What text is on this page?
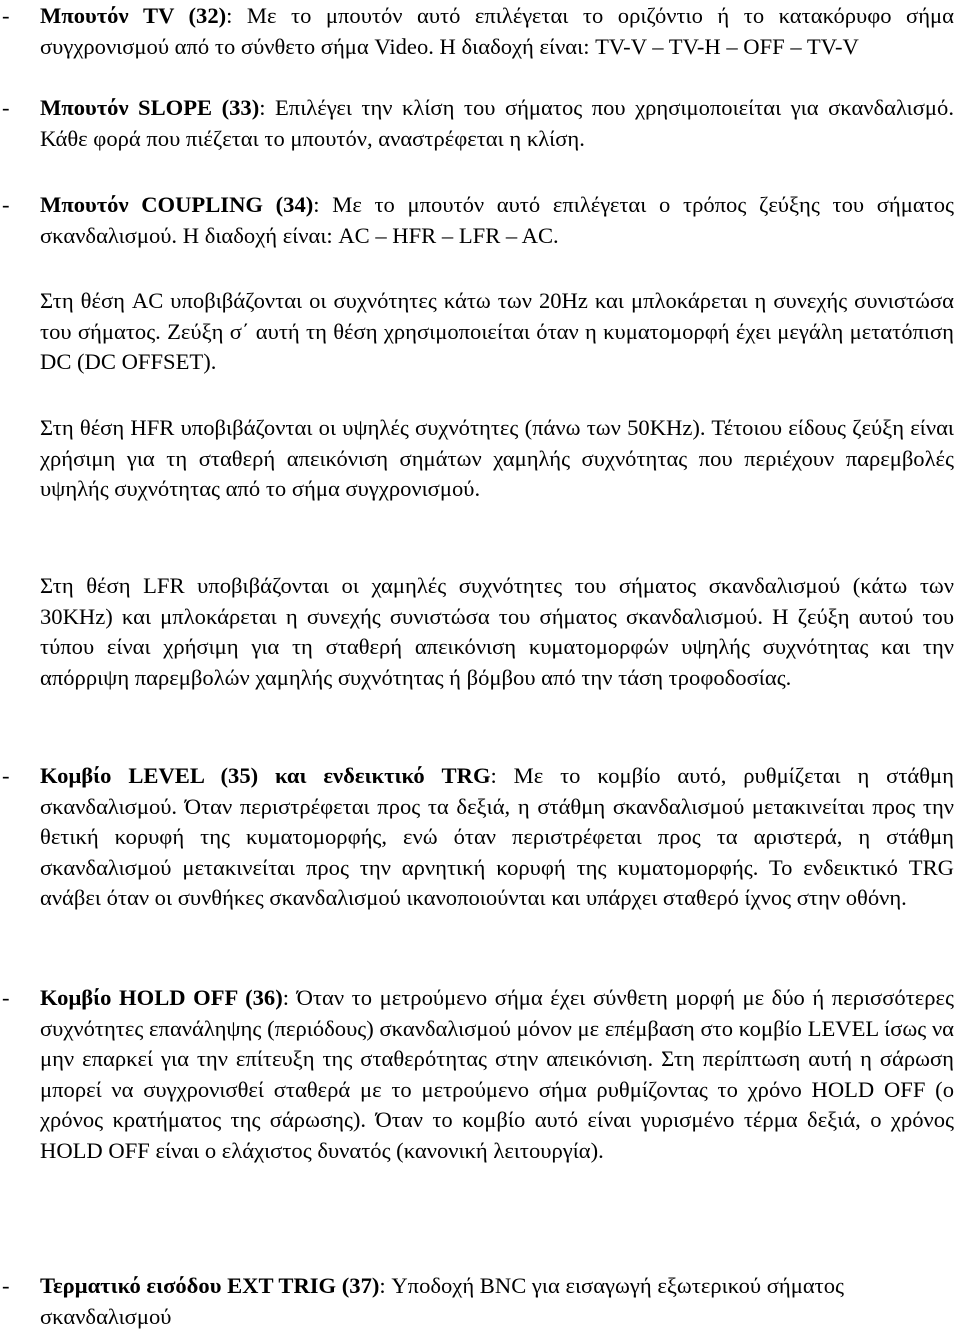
-	Μπουτόν TV (32): Με το μπουτόν αυτό επιλέγεται το οριζόντιο ή το κατακόρυφο σήμα συγχρονισμού από το σύνθετο σήμα Video. Η διαδοχή είναι: TV-V – TV-H – OFF – TV-V
-	Μπουτόν SLOPE (33): Επιλέγει την κλίση του σήματος που χρησιμοποιείται για σκανδαλισμό. Κάθε φορά που πιέζεται το μπουτόν, αναστρέφεται η κλίση.
-	Μπουτόν COUPLING (34): Με το μπουτόν αυτό επιλέγεται ο τρόπος ζεύξης του σήματος σκανδαλισμού. Η διαδοχή είναι: AC – HFR – LFR – AC.

Στη θέση AC υποβιβάζονται οι συχνότητες κάτω των 20Hz και μπλοκάρεται η συνεχής συνιστώσα του σήματος. Ζεύξη σ΄ αυτή τη θέση χρησιμοποιείται όταν η κυματομορφή έχει μεγάλη μετατόπιση DC (DC OFFSET).

Στη θέση HFR υποβιβάζονται οι υψηλές συχνότητες (πάνω των 50KHz). Τέτοιου είδους ζεύξη είναι χρήσιμη για τη σταθερή απεικόνιση σημάτων χαμηλής συχνότητας που περιέχουν παρεμβολές υψηλής συχνότητας από το σήμα συγχρονισμού.

Στη θέση LFR υποβιβάζονται οι χαμηλές συχνότητες του σήματος σκανδαλισμού (κάτω των 30KHz) και μπλοκάρεται η συνεχής συνιστώσα του σήματος σκανδαλισμού. Η ζεύξη αυτού του τύπου είναι χρήσιμη για τη σταθερή απεικόνιση κυματομορφών υψηλής συχνότητας και την απόρριψη παρεμβολών χαμηλής συχνότητας ή βόμβου από την τάση τροφοδοσίας.

-	Κομβίο LEVEL (35) και ενδεικτικό TRG: Με το κομβίο αυτό, ρυθμίζεται η στάθμη σκανδαλισμού. Όταν περιστρέφεται προς τα δεξιά, η στάθμη σκανδαλισμού μετακινείται προς την θετική κορυφή της κυματομορφής, ενώ όταν περιστρέφεται προς τα αριστερά, η στάθμη σκανδαλισμού μετακινείται προς την αρνητική κορυφή της κυματομορφής. Το ενδεικτικό TRG ανάβει όταν οι συνθήκες σκανδαλισμού ικανοποιούνται και υπάρχει σταθερό ίχνος στην οθόνη.
-	Κομβίο HOLD OFF (36): Όταν το μετρούμενο σήμα έχει σύνθετη μορφή με δύο ή περισσότερες συχνότητες επανάληψης (περιόδους) σκανδαλισμού μόνον με επέμβαση στο κομβίο LEVEL ίσως να μην επαρκεί για την επίτευξη της σταθερότητας στην απεικόνιση. Στη περίπτωση αυτή η σάρωση μπορεί να συγχρονισθεί σταθερά με το μετρούμενο σήμα ρυθμίζοντας το χρόνο HOLD OFF (ο χρόνος κρατήματος της σάρωσης). Όταν το κομβίο αυτό είναι γυρισμένο τέρμα δεξιά, ο χρόνος HOLD OFF είναι ο ελάχιστος δυνατός (κανονική λειτουργία).
-	Τερματικό εισόδου EXT TRIG (37): Υποδοχή BNC για εισαγωγή εξωτερικού σήματος σκανδαλισμού
